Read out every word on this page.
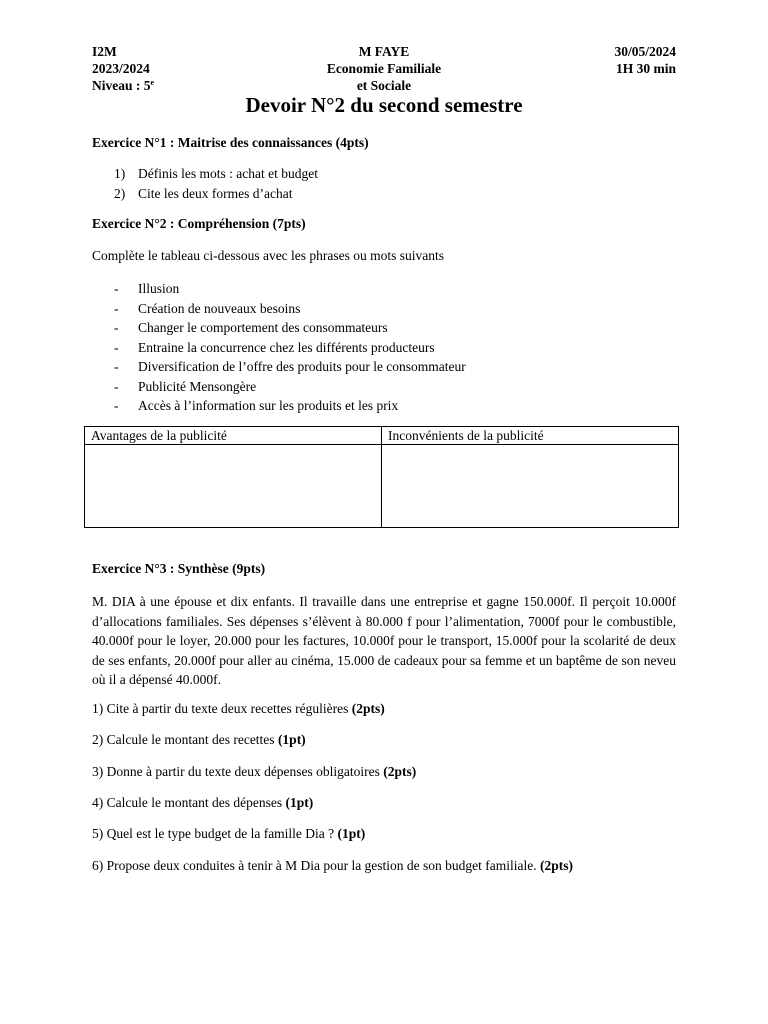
I2M
2023/2024
Niveau : 5e
M FAYE
Economie Familiale
et Sociale
30/05/2024
1H 30 min
Devoir N°2 du second semestre
Exercice N°1 : Maitrise des connaissances (4pts)
1) Définis les mots : achat et budget
2) Cite les deux formes d’achat
Exercice N°2 : Compréhension (7pts)
Complète le tableau ci-dessous avec les phrases ou mots suivants
- Illusion
- Création de nouveaux besoins
- Changer le comportement des consommateurs
- Entraine la concurrence chez les différents producteurs
- Diversification de l’offre des produits pour le consommateur
- Publicité Mensongère
- Accès à l’information sur les produits et les prix
Avantages de la publicité	Inconvénients de la publicité

Exercice N°3 : Synthèse (9pts)
M. DIA à une épouse et dix enfants. Il travaille dans une entreprise et gagne 150.000f. Il perçoit 10.000f d’allocations familiales. Ses dépenses s’élèvent à 80.000 f pour l’alimentation, 7000f pour le combustible, 40.000f pour le loyer, 20.000 pour les factures, 10.000f pour le transport, 15.000f pour la scolarité de deux de ses enfants, 20.000f pour aller au cinéma, 15.000 de cadeaux pour sa femme et un baptême de son neveu où il a dépensé 40.000f.
1) Cite à partir du texte deux recettes régulières (2pts)
2) Calcule le montant des recettes (1pt)
3) Donne à partir du texte deux dépenses obligatoires (2pts)
4) Calcule le montant des dépenses (1pt)
5) Quel est le type budget de la famille Dia ? (1pt)
6) Propose deux conduites à tenir à M Dia pour la gestion de son budget familiale. (2pts)
